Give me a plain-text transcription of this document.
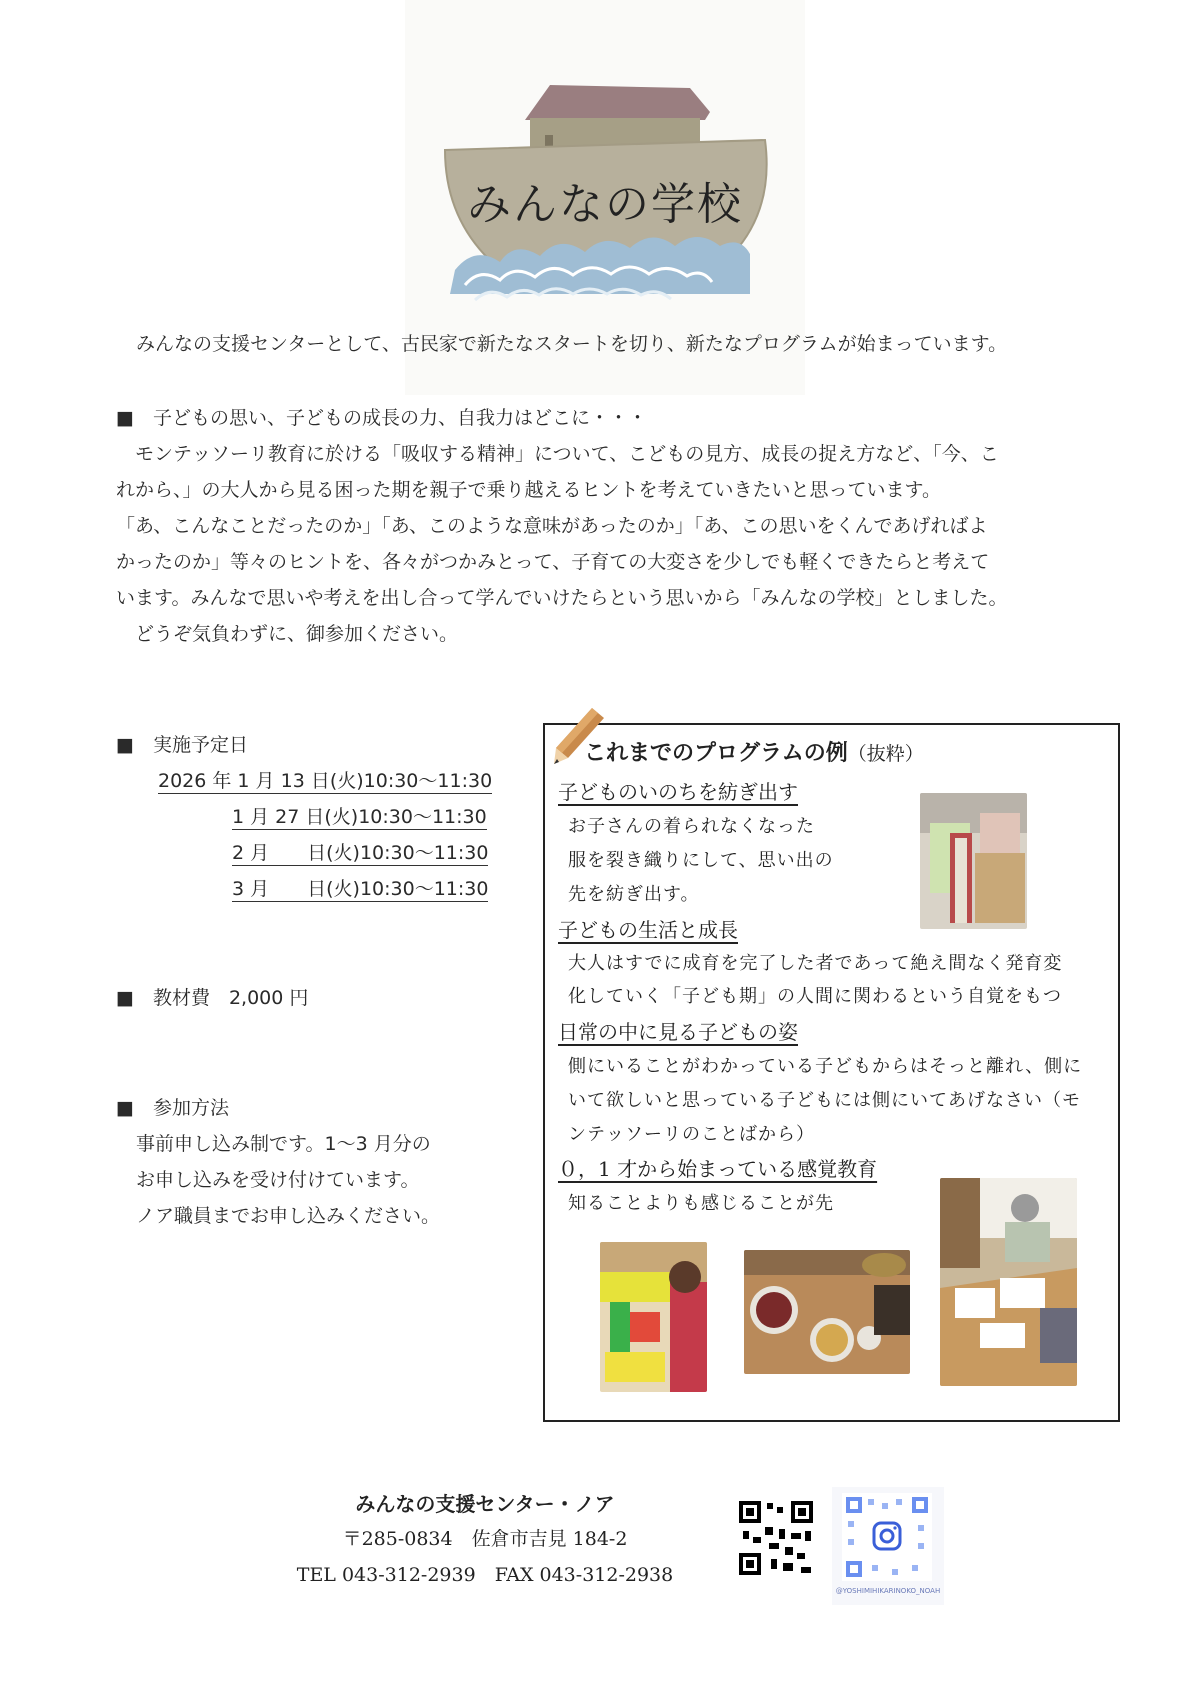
みんなの学校
みんなの支援センターとして、古民家で新たなスタートを切り、新たなプログラムが始まっています。
■　子どもの思い、子どもの成長の力、自我力はどこに・・・
　モンテッソーリ教育に於ける「吸収する精神」について、こどもの見方、成長の捉え方など、「今、こ
れから、」の大人から見る困った期を親子で乗り越えるヒントを考えていきたいと思っています。
「あ、こんなことだったのか」「あ、このような意味があったのか」「あ、この思いをくんであげればよ
かったのか」等々のヒントを、各々がつかみとって、子育ての大変さを少しでも軽くできたらと考えて
います。みんなで思いや考えを出し合って学んでいけたらという思いから「みんなの学校」としました。
　どうぞ気負わずに、御参加ください。
■　実施予定日
2026 年 1 月 13 日(火)10:30～11:30
1 月 27 日(火)10:30～11:30
2 月　　日(火)10:30～11:30
3 月　　日(火)10:30～11:30
■　教材費　2,000 円
■　参加方法
事前申し込み制です。1～3 月分の
お申し込みを受け付けています。
ノア職員までお申し込みください。
これまでのプログラムの例（抜粋）
子どものいのちを紡ぎ出す
お子さんの着られなくなった
服を裂き織りにして、思い出の
先を紡ぎ出す。
子どもの生活と成長
大人はすでに成育を完了した者であって絶え間なく発育変
化していく「子ども期」の人間に関わるという自覚をもつ
日常の中に見る子どもの姿
側にいることがわかっている子どもからはそっと離れ、側に
いて欲しいと思っている子どもには側にいてあげなさい（モ
ンテッソーリのことばから）
０，1 才から始まっている感覚教育
知ることよりも感じることが先
みんなの支援センター・ノア
〒285-0834　佐倉市吉見 184-2
TEL 043-312-2939　FAX 043-312-2938
@YOSHIMIHIKARINOKO_NOAH
